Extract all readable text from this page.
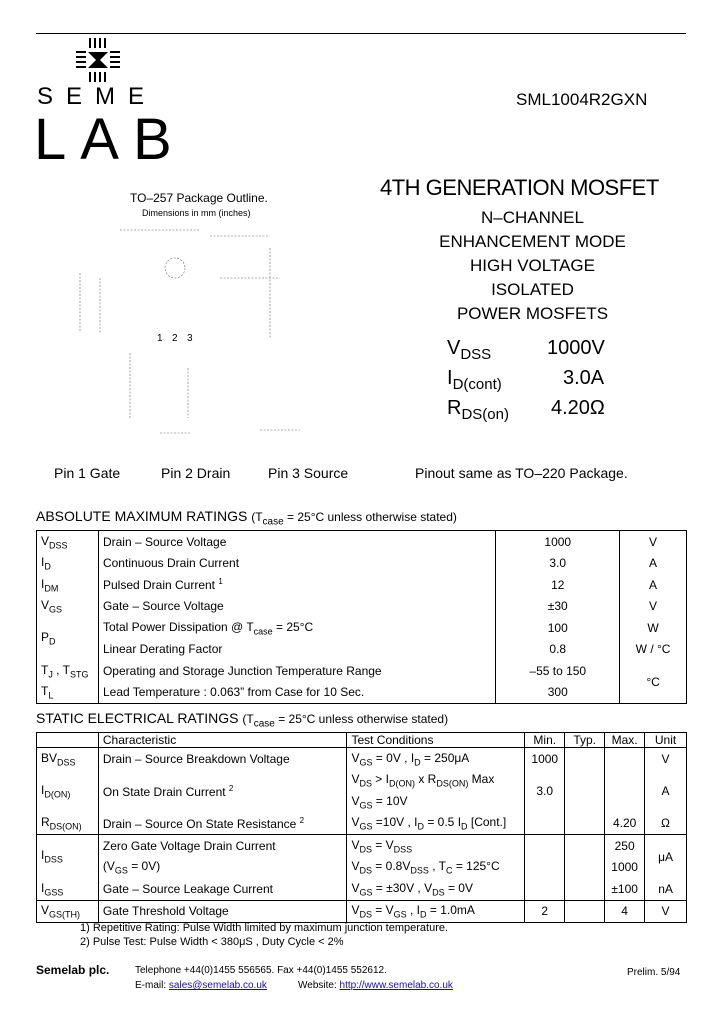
SEME
LAB
SML1004R2GXN
TO–257 Package Outline.
Dimensions in mm (inches)
1 2 3
4TH GENERATION MOSFET
N–CHANNEL
ENHANCEMENT MODE
HIGH VOLTAGE
ISOLATED
POWER MOSFETS
$V_{DSS}$	1000V
$I_{D(cont)}$	3.0A
$R_{DS(on)}$ 4.20Ω
Pin 1 Gate	Pin 2 Drain	Pin 3 Source	Pinout same as TO–220 Package.
ABSOLUTE MAXIMUM RATINGS ($T_{case} = 25^\circ C$ unless otherwise stated)
$V_{DSS}$	Drain – Source Voltage	1000	V
$I_D$	Continuous Drain Current	3.0	A
$I_{DM}$	Pulsed Drain Current $^1$	12	A
$V_{GS}$	Gate – Source Voltage	±30	V
$P_D$	Total Power Dissipation @ $T_{case} = 25^\circ C$	100	W
	Linear Derating Factor	0.8	W / °C
$T_J$ , $T_{STG}$	Operating and Storage Junction Temperature Range	–55 to 150	°C
$T_L$	Lead Temperature : 0.063” from Case for 10 Sec.	300	
STATIC ELECTRICAL RATINGS ($T_{case} = 25^\circ C$ unless otherwise stated)
	Characteristic	Test Conditions	Min.	Typ.	Max.	Unit
$BV_{DSS}$	Drain – Source Breakdown Voltage	$V_{GS} = 0V$ , $I_D = 250\mu A$	1000			V
$I_{D(ON)}$	On State Drain Current $^2$	$V_{DS} > I_{D(ON)}$ x $R_{DS(ON)}$ Max	3.0			A
		$V_{GS} = 10V$				
$R_{DS(ON)}$	Drain – Source On State Resistance $^2$	$V_{GS} =10V$ , $I_D = 0.5$ $I_D$ [Cont.]			4.20	Ω
$I_{DSS}$	Zero Gate Voltage Drain Current	$V_{DS} = V_{DSS}$			250	μA
	$(V_{GS} = 0V)$	$V_{DS} = 0.8V_{DSS}$ , $T_C = 125^\circ C$			1000	
$I_{GSS}$	Gate – Source Leakage Current	$V_{GS} = \pm 30V$ , $V_{DS} = 0V$			±100	nA
$V_{GS(TH)}$	Gate Threshold Voltage	$V_{DS} = V_{GS}$ , $I_D = 1.0mA$	2		4	V
1) Repetitive Rating: Pulse Width limited by maximum junction temperature.
2) Pulse Test: Pulse Width < 380μS , Duty Cycle < 2%
Semelab plc.	Telephone +44(0)1455 556565. Fax +44(0)1455 552612.
E-mail: sales@semelab.co.uk	Website: http://www.semelab.co.uk
Prelim. 5/94
